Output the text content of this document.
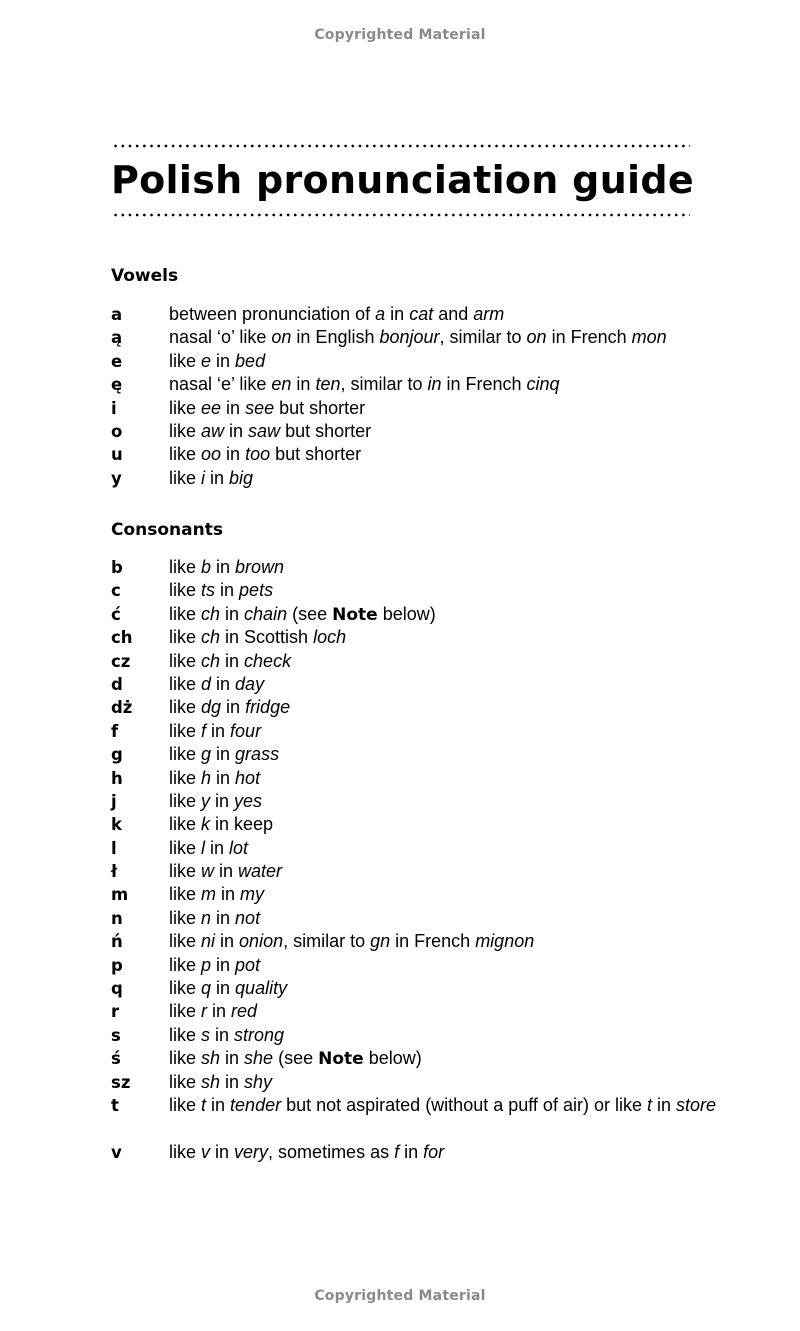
Copyrighted Material
Polish pronunciation guide
Vowels
a	between pronunciation of a in cat and arm
ą	nasal ‘o’ like on in English bonjour, similar to on in French mon
e	like e in bed
ę	nasal ‘e’ like en in ten, similar to in in French cinq
i	like ee in see but shorter
o	like aw in saw but shorter
u	like oo in too but shorter
y	like i in big
Consonants
b	like b in brown
c	like ts in pets
ć	like ch in chain (see Note below)
ch like ch in Scottish loch
cz like ch in check
d	like d in day
dż like dg in fridge
f	like f in four
g	like g in grass
h	like h in hot
j	like y in yes
k	like k in keep
l	like l in lot
ł	like w in water
m like m in my
n	like n in not
ń	like ni in onion, similar to gn in French mignon
p	like p in pot
q	like q in quality
r	like r in red
s	like s in strong
ś	like sh in she (see Note below)
sz like sh in shy
t	like t in tender but not aspirated (without a puff of air) or like t in store
v	like v in very, sometimes as f in for
Copyrighted Material
